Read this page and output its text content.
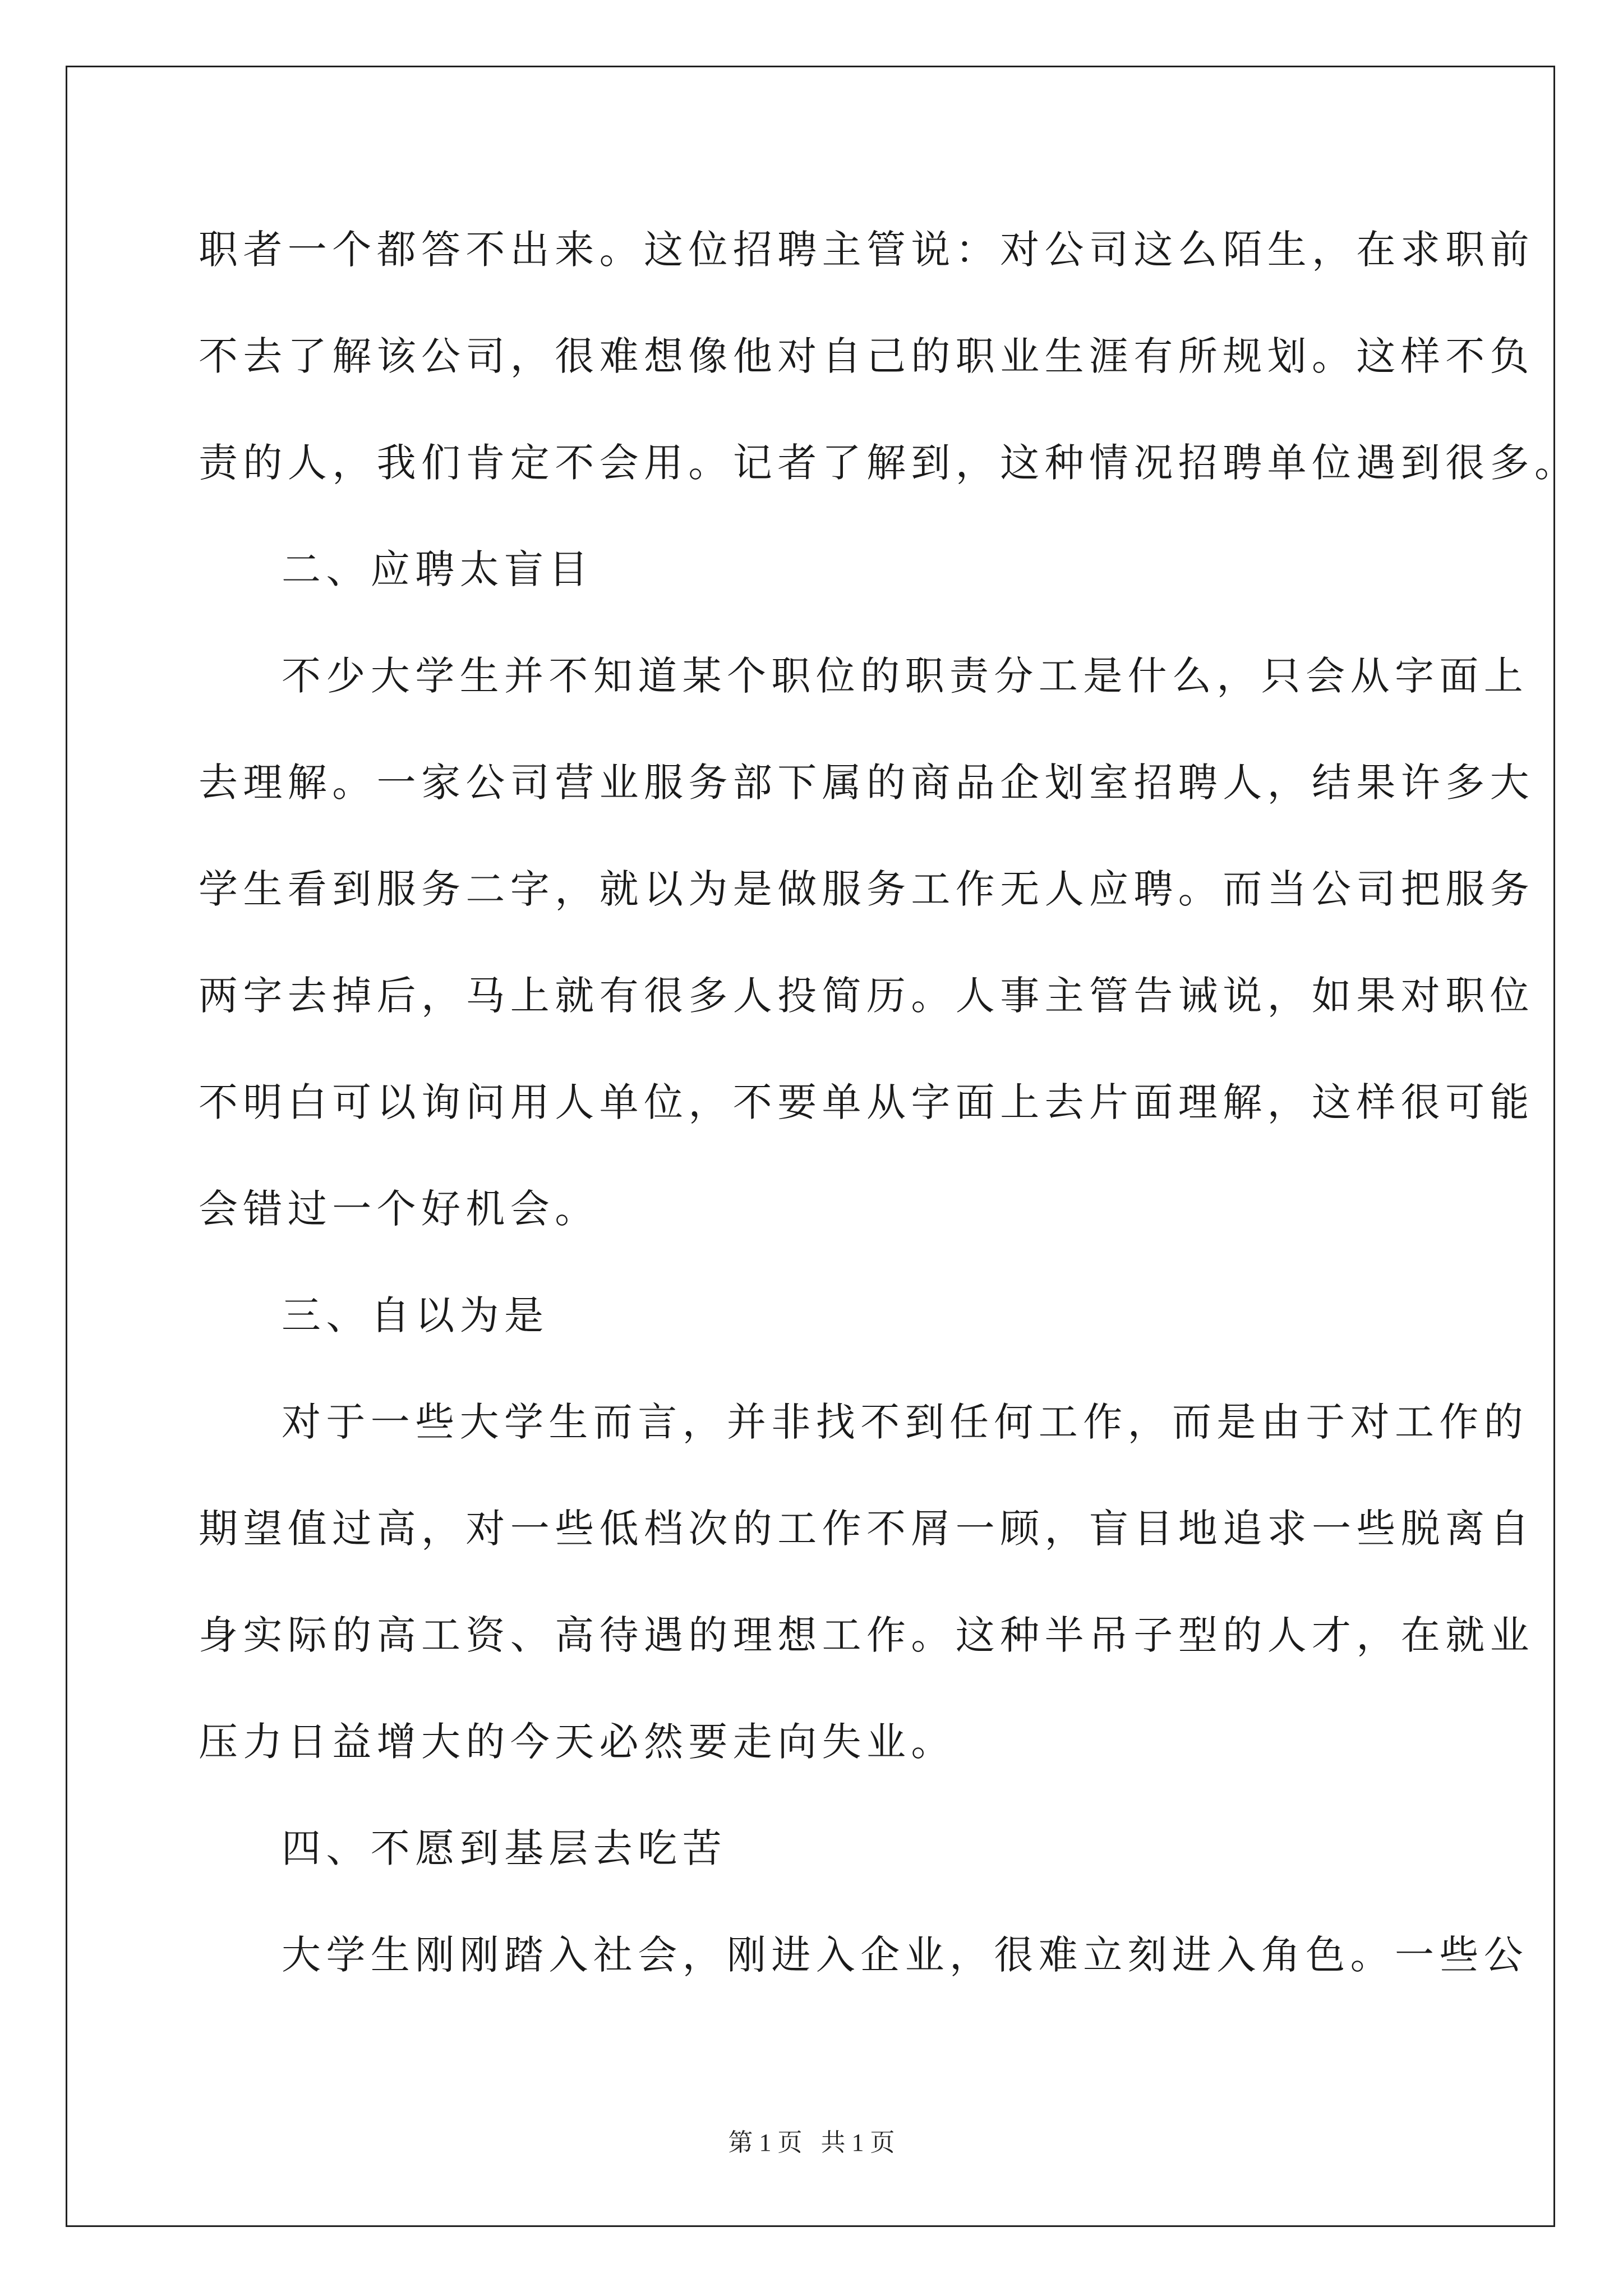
职者一个都答不出来。这位招聘主管说：对公司这么陌生，在求职前

不去了解该公司，很难想像他对自己的职业生涯有所规划。这样不负

责的人，我们肯定不会用。记者了解到，这种情况招聘单位遇到很多。

二、应聘太盲目

不少大学生并不知道某个职位的职责分工是什么，只会从字面上

去理解。一家公司营业服务部下属的商品企划室招聘人，结果许多大

学生看到服务二字，就以为是做服务工作无人应聘。而当公司把服务

两字去掉后，马上就有很多人投简历。人事主管告诫说，如果对职位

不明白可以询问用人单位，不要单从字面上去片面理解，这样很可能

会错过一个好机会。

三、自以为是

对于一些大学生而言，并非找不到任何工作，而是由于对工作的

期望值过高，对一些低档次的工作不屑一顾，盲目地追求一些脱离自

身实际的高工资、高待遇的理想工作。这种半吊子型的人才，在就业

压力日益增大的今天必然要走向失业。

四、不愿到基层去吃苦

大学生刚刚踏入社会，刚进入企业，很难立刻进入角色。一些公

第 1 页   共 1 页
